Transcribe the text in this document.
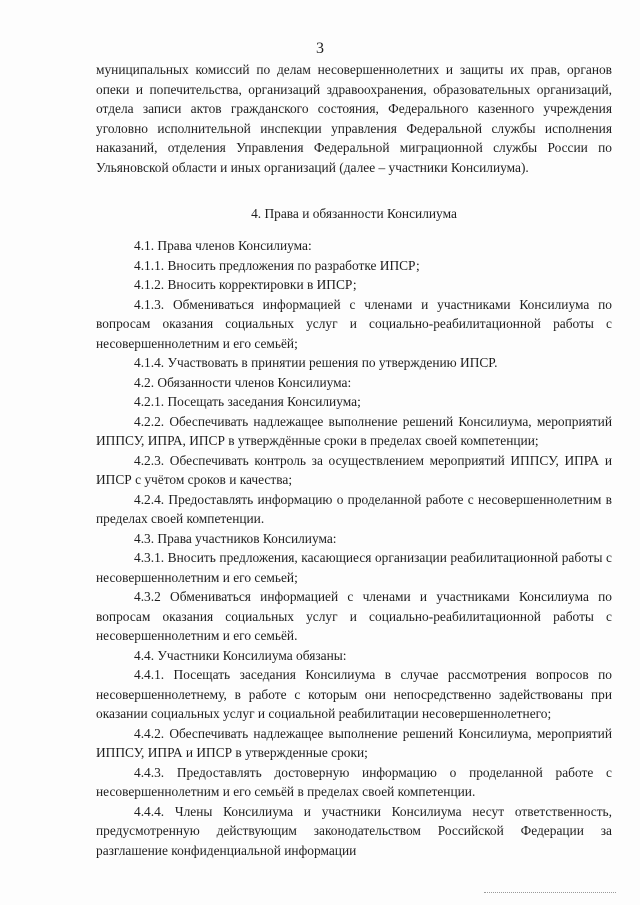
3

муниципальных комиссий по делам несовершеннолетних и защиты их прав, органов опеки и попечительства, организаций здравоохранения, образовательных организаций, отдела записи актов гражданского состояния, Федерального казенного учреждения уголовно исполнительной инспекции управления Федеральной службы исполнения наказаний, отделения Управления Федеральной миграционной службы России по Ульяновской области и иных организаций (далее – участники Консилиума).

4. Права и обязанности Консилиума

4.1. Права членов Консилиума:

4.1.1. Вносить предложения по разработке ИПСР;

4.1.2. Вносить корректировки в ИПСР;

4.1.3. Обмениваться информацией с членами и участниками Консилиума по вопросам оказания социальных услуг и социально-реабилитационной работы с несовершеннолетним и его семьёй;

4.1.4. Участвовать в принятии решения по утверждению ИПСР.

4.2. Обязанности членов Консилиума:

4.2.1. Посещать заседания Консилиума;

4.2.2. Обеспечивать надлежащее выполнение решений Консилиума, мероприятий ИППСУ, ИПРА, ИПСР в утверждённые сроки в пределах своей компетенции;

4.2.3. Обеспечивать контроль за осуществлением мероприятий ИППСУ, ИПРА и ИПСР с учётом сроков и качества;

4.2.4. Предоставлять информацию о проделанной работе с несовершеннолетним в пределах своей компетенции.

4.3. Права участников Консилиума:

4.3.1. Вносить предложения, касающиеся организации реабилитационной работы с несовершеннолетним и его семьей;

4.3.2 Обмениваться информацией с членами и участниками Консилиума по вопросам оказания социальных услуг и социально-реабилитационной работы с несовершеннолетним и его семьёй.

4.4. Участники Консилиума обязаны:

4.4.1. Посещать заседания Консилиума в случае рассмотрения вопросов по несовершеннолетнему, в работе с которым они непосредственно задействованы при оказании социальных услуг и социальной реабилитации несовершеннолетнего;

4.4.2. Обеспечивать надлежащее выполнение решений Консилиума, мероприятий ИППСУ, ИПРА и ИПСР в утвержденные сроки;

4.4.3. Предоставлять достоверную информацию о проделанной работе с несовершеннолетним и его семьёй в пределах своей компетенции.

4.4.4. Члены Консилиума и участники Консилиума несут ответственность, предусмотренную действующим законодательством Российской Федерации за разглашение конфиденциальной информации
